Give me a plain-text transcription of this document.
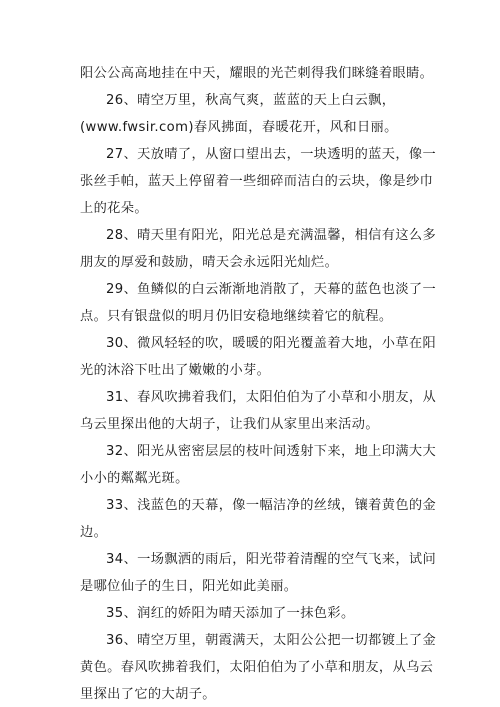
阳公公高高地挂在中天，耀眼的光芒刺得我们眯缝着眼睛。
26、晴空万里，秋高气爽，蓝蓝的天上白云飘，
(www.fwsir.com)春风拂面，春暖花开，风和日丽。
27、天放晴了，从窗口望出去，一块透明的蓝天，像一
张丝手帕，蓝天上停留着一些细碎而洁白的云块，像是纱巾
上的花朵。
28、晴天里有阳光，阳光总是充满温馨，相信有这么多
朋友的厚爱和鼓励，晴天会永远阳光灿烂。
29、鱼鳞似的白云渐渐地消散了，天幕的蓝色也淡了一
点。只有银盘似的明月仍旧安稳地继续着它的航程。
30、微风轻轻的吹，暖暖的阳光覆盖着大地，小草在阳
光的沐浴下吐出了嫩嫩的小芽。
31、春风吹拂着我们，太阳伯伯为了小草和小朋友，从
乌云里探出他的大胡子，让我们从家里出来活动。
32、阳光从密密层层的枝叶间透射下来，地上印满大大
小小的粼粼光斑。
33、浅蓝色的天幕，像一幅洁净的丝绒，镶着黄色的金
边。
34、一场飘洒的雨后，阳光带着清醒的空气飞来，试问
是哪位仙子的生日，阳光如此美丽。
35、润红的娇阳为晴天添加了一抹色彩。
36、晴空万里，朝霞满天，太阳公公把一切都镀上了金
黄色。春风吹拂着我们，太阳伯伯为了小草和朋友，从乌云
里探出了它的大胡子。
